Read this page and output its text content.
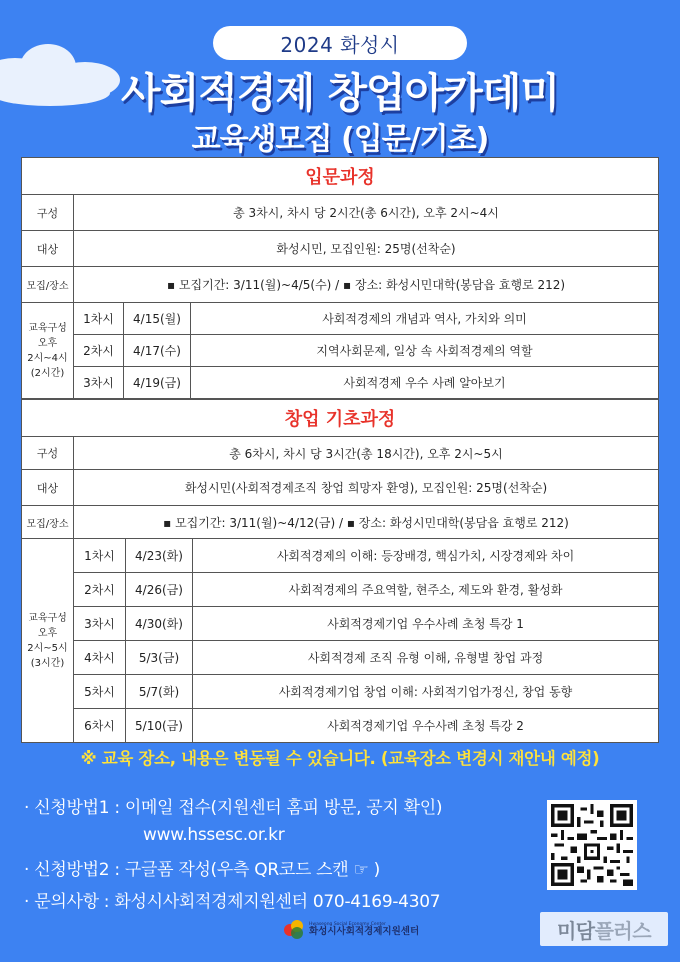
2024 화성시
사회적경제 창업아카데미
교육생모집 (입문/기초)
입문과정			
구성	총 3차시, 차시 당 2시간(총 6시간), 오후 2시~4시		
대상	화성시민, 모집인원: 25명(선착순)		
모집/장소	▪ 모집기간: 3/11(월)~4/5(수) / ▪ 장소: 화성시민대학(봉담읍 효행로 212)		

교육구성
오후
2시~4시
(2시간)	1차시	4/15(월)	사회적경제의 개념과 역사, 가치와 의미
	2차시	4/17(수)	지역사회문제, 일상 속 사회적경제의 역할
	3차시	4/19(금)	사회적경제 우수 사례 알아보기
창업 기초과정			
구성	총 6차시, 차시 당 3시간(총 18시간), 오후 2시~5시		
대상	화성시민(사회적경제조직 창업 희망자 환영), 모집인원: 25명(선착순)		
모집/장소	▪ 모집기간: 3/11(월)~4/12(금) / ▪ 장소: 화성시민대학(봉담읍 효행로 212)		

교육구성
오후
2시~5시
(3시간)	1차시	4/23(화)	사회적경제의 이해: 등장배경, 핵심가치, 시장경제와 차이
	2차시	4/26(금)	사회적경제의 주요역할, 현주소, 제도와 환경, 활성화
	3차시	4/30(화)	사회적경제기업 우수사례 초청 특강 1
	4차시	5/3(금)	사회적경제 조직 유형 이해, 유형별 창업 과정
	5차시	5/7(화)	사회적경제기업 창업 이해: 사회적기업가정신, 창업 동향
	6차시	5/10(금)	사회적경제기업 우수사례 초청 특강 2
※ 교육 장소, 내용은 변동될 수 있습니다. (교육장소 변경시 재안내 예정)
· 신청방법1 : 이메일 접수(지원센터 홈피 방문, 공지 확인)
www.hssesc.or.kr
· 신청방법2 : 구글폼 작성(우측 QR코드 스캔 ☞ )
· 문의사항 : 화성시사회적경제지원센터 070-4169-4307
Hwaseong Social Economy Center
화성시사회적경제지원센터	미담 플러스
